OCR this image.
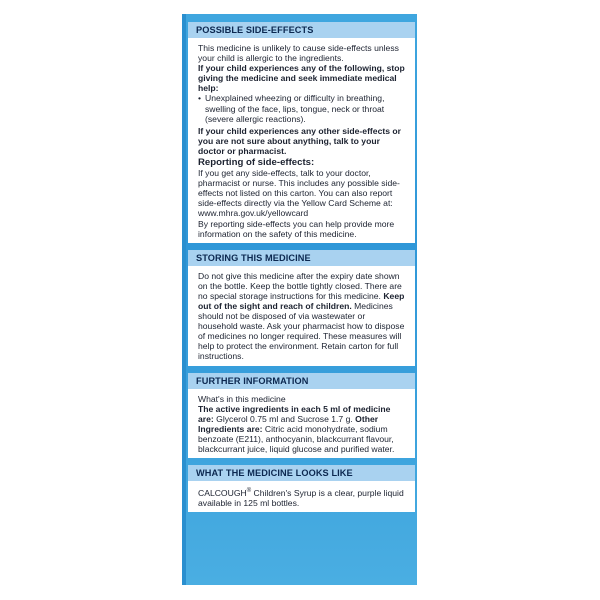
POSSIBLE SIDE-EFFECTS
This medicine is unlikely to cause side-effects unless your child is allergic to the ingredients.
If your child experiences any of the following, stop giving the medicine and seek immediate medical help:
• Unexplained wheezing or difficulty in breathing, swelling of the face, lips, tongue, neck or throat (severe allergic reactions).
If your child experiences any other side-effects or you are not sure about anything, talk to your doctor or pharmacist.
Reporting of side-effects:
If you get any side-effects, talk to your doctor, pharmacist or nurse. This includes any possible side-effects not listed on this carton. You can also report side-effects directly via the Yellow Card Scheme at: www.mhra.gov.uk/yellowcard
By reporting side-effects you can help provide more information on the safety of this medicine.
STORING THIS MEDICINE
Do not give this medicine after the expiry date shown on the bottle. Keep the bottle tightly closed. There are no special storage instructions for this medicine. Keep out of the sight and reach of children. Medicines should not be disposed of via wastewater or household waste. Ask your pharmacist how to dispose of medicines no longer required. These measures will help to protect the environment. Retain carton for full instructions.
FURTHER INFORMATION
What's in this medicine
The active ingredients in each 5 ml of medicine are: Glycerol 0.75 ml and Sucrose 1.7 g. Other Ingredients are: Citric acid monohydrate, sodium benzoate (E211), anthocyanin, blackcurrant flavour, blackcurrant juice, liquid glucose and purified water.
WHAT THE MEDICINE LOOKS LIKE
CALCOUGH® Children's Syrup is a clear, purple liquid available in 125 ml bottles.
